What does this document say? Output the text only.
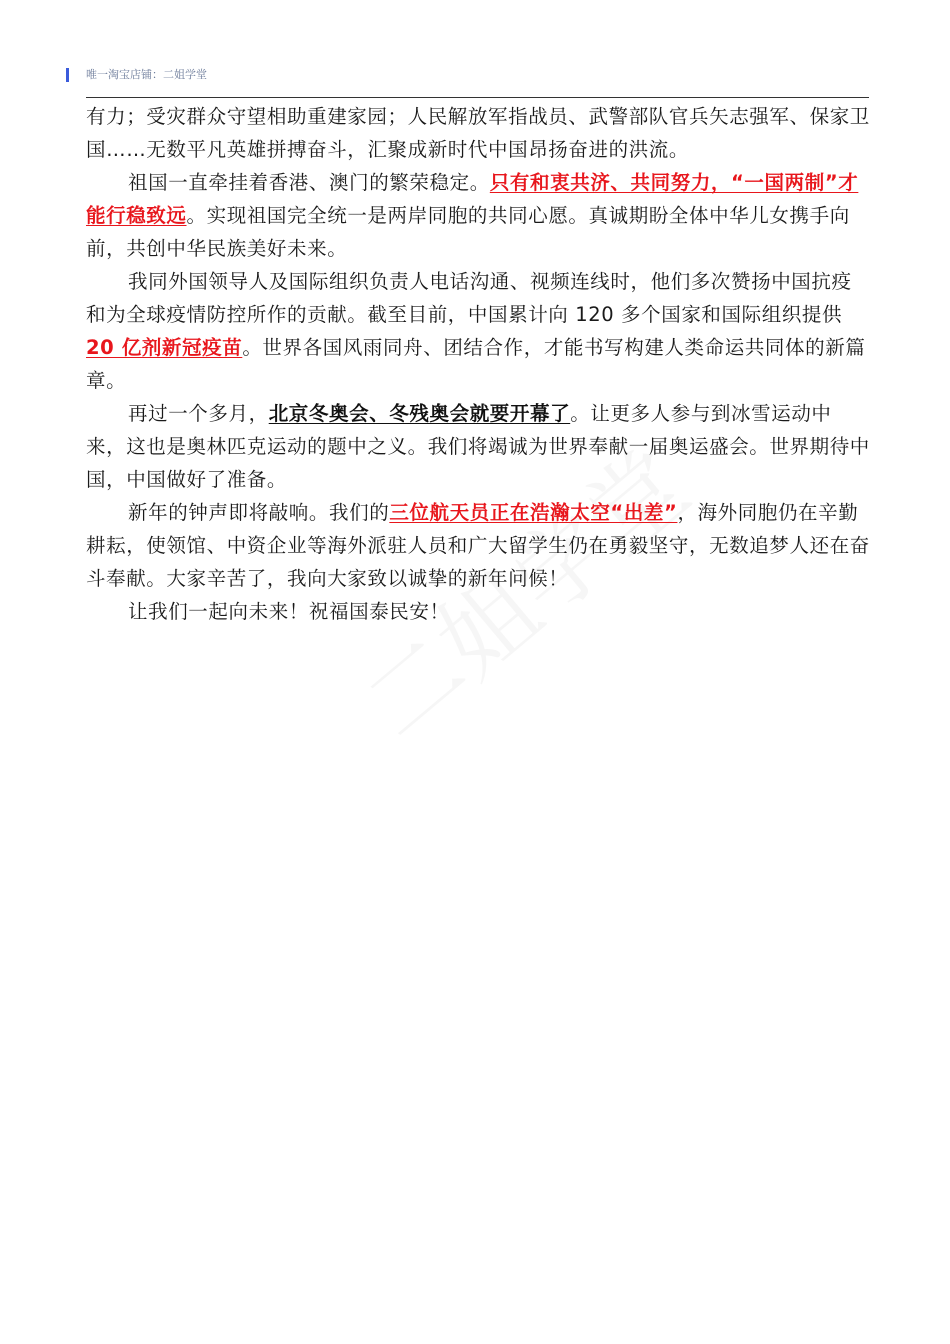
唯一淘宝店铺：二姐学堂

有力；受灾群众守望相助重建家园；人民解放军指战员、武警部队官兵矢志强军、保家卫国……无数平凡英雄拼搏奋斗，汇聚成新时代中国昂扬奋进的洪流。

祖国一直牵挂着香港、澳门的繁荣稳定。只有和衷共济、共同努力，“一国两制”才能行稳致远。实现祖国完全统一是两岸同胞的共同心愿。真诚期盼全体中华儿女携手向前，共创中华民族美好未来。

我同外国领导人及国际组织负责人电话沟通、视频连线时，他们多次赞扬中国抗疫和为全球疫情防控所作的贡献。截至目前，中国累计向 120 多个国家和国际组织提供 20 亿剂新冠疫苗。世界各国风雨同舟、团结合作，才能书写构建人类命运共同体的新篇章。

再过一个多月，北京冬奥会、冬残奥会就要开幕了。让更多人参与到冰雪运动中来，这也是奥林匹克运动的题中之义。我们将竭诚为世界奉献一届奥运盛会。世界期待中国，中国做好了准备。

新年的钟声即将敲响。我们的三位航天员正在浩瀚太空“出差”，海外同胞仍在辛勤耕耘，使领馆、中资企业等海外派驻人员和广大留学生仍在勇毅坚守，无数追梦人还在奋斗奉献。大家辛苦了，我向大家致以诚挚的新年问候！

让我们一起向未来！祝福国泰民安！
